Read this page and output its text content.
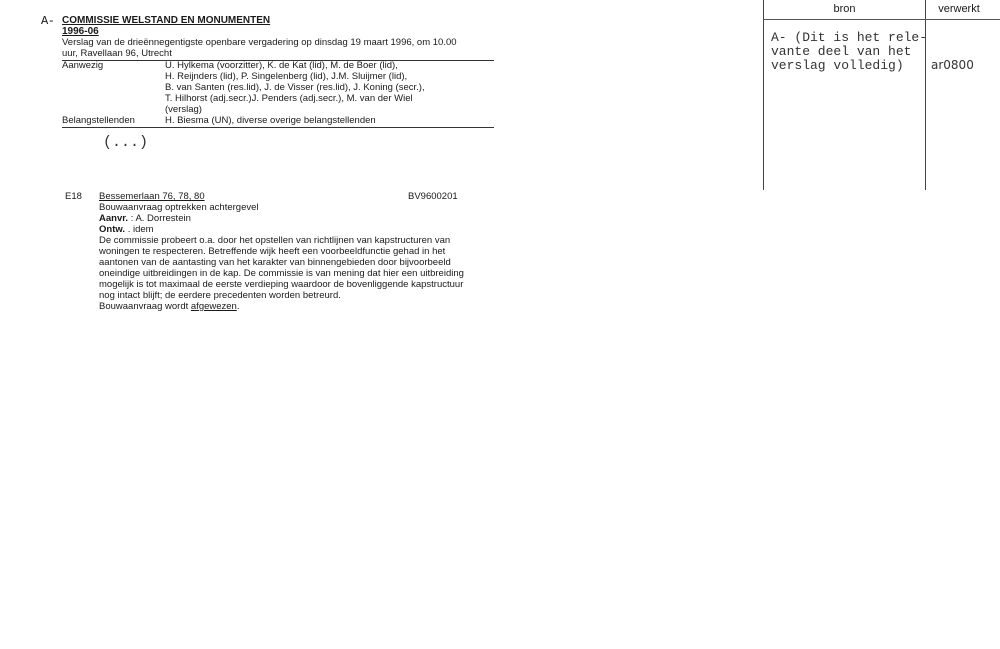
A- COMMISSIE WELSTAND EN MONUMENTEN
1996-06
Verslag van de drieënnegentigste openbare vergadering op dinsdag 19 maart 1996, om 10.00
uur, Ravellaan 96, Utrecht
Aanwezig	U. Hylkema (voorzitter), K. de Kat (lid), M. de Boer (lid),
H. Reijnders (lid), P. Singelenberg (lid), J.M. Sluijmer (lid),
B. van Santen (res.lid), J. de Visser (res.lid), J. Koning (secr.),
T. Hilhorst (adj.secr.)J. Penders (adj.secr.), M. van der Wiel
(verslag)
Belangstellenden	H. Biesma (UN), diverse overige belangstellenden
(...)
E18 Bessemerlaan 76, 78, 80	BV9600201
Bouwaanvraag optrekken achtergevel
Aanvr. : A. Dorrestein
Ontw. . idem
De commissie probeert o.a. door het opstellen van richtlijnen van kapstructuren van
woningen te respecteren. Betreffende wijk heeft een voorbeeldfunctie gehad in het
aantonen van de aantasting van het karakter van binnengebieden door bijvoorbeeld
oneindige uitbreidingen in de kap. De commissie is van mening dat hier een uitbreiding
mogelijk is tot maximaal de eerste verdieping waardoor de bovenliggende kapstructuur
nog intact blijft; de eerdere precedenten worden betreurd.
Bouwaanvraag wordt afgewezen.
bron	verwerkt
A- (Dit is het rele-
vante deel van het
verslag volledig) ar0800
